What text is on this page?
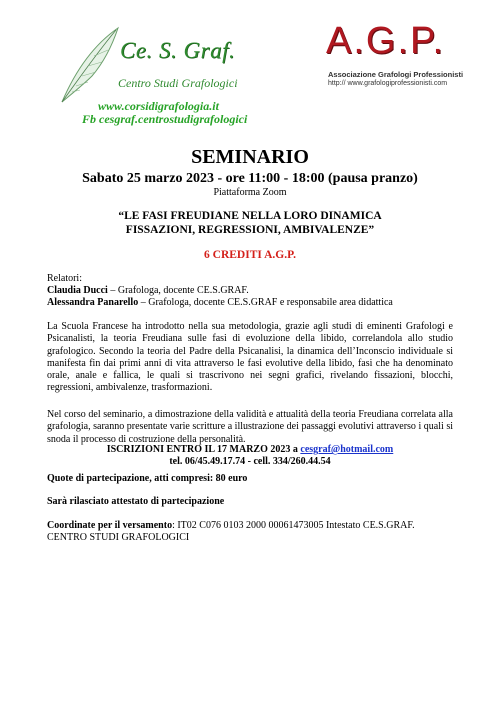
Ce. S. Graf.
Centro Studi Grafologici
A.G.P.
Associazione Grafologi Professionisti
http:// www.grafologiprofessionisti.com
www.corsidigrafologia.it
Fb cesgraf.centrostudigrafologici
SEMINARIO
Sabato 25 marzo 2023 - ore 11:00 - 18:00 (pausa pranzo)
Piattaforma Zoom
“LE FASI FREUDIANE NELLA LORO DINAMICA
FISSAZIONI, REGRESSIONI, AMBIVALENZE”
6 CREDITI A.G.P.
Relatori:
Claudia Ducci – Grafologa, docente CE.S.GRAF.
Alessandra Panarello – Grafologa, docente CE.S.GRAF e responsabile area didattica
La Scuola Francese ha introdotto nella sua metodologia, grazie agli studi di eminenti Grafologi e Psicanalisti, la teoria Freudiana sulle fasi di evoluzione della libido, correlandola allo studio grafologico. Secondo la teoria del Padre della Psicanalisi, la dinamica dell’Inconscio individuale si manifesta fin dai primi anni di vita attraverso le fasi evolutive della libido, fasi che ha denominato orale, anale e fallica, le quali si trascrivono nei segni grafici, rivelando fissazioni, blocchi, regressioni, ambivalenze, trasformazioni.
Nel corso del seminario, a dimostrazione della validità e attualità della teoria Freudiana correlata alla grafologia, saranno presentate varie scritture a illustrazione dei passaggi evolutivi attraverso i quali si snoda il processo di costruzione della personalità.
ISCRIZIONI ENTRO IL 17 MARZO 2023 a cesgraf@hotmail.com
tel. 06/45.49.17.74 - cell. 334/260.44.54
Quote di partecipazione, atti compresi: 80 euro
Sarà rilasciato attestato di partecipazione
Coordinate per il versamento: IT02 C076 0103 2000 00061473005 Intestato CE.S.GRAF.
CENTRO STUDI GRAFOLOGICI
